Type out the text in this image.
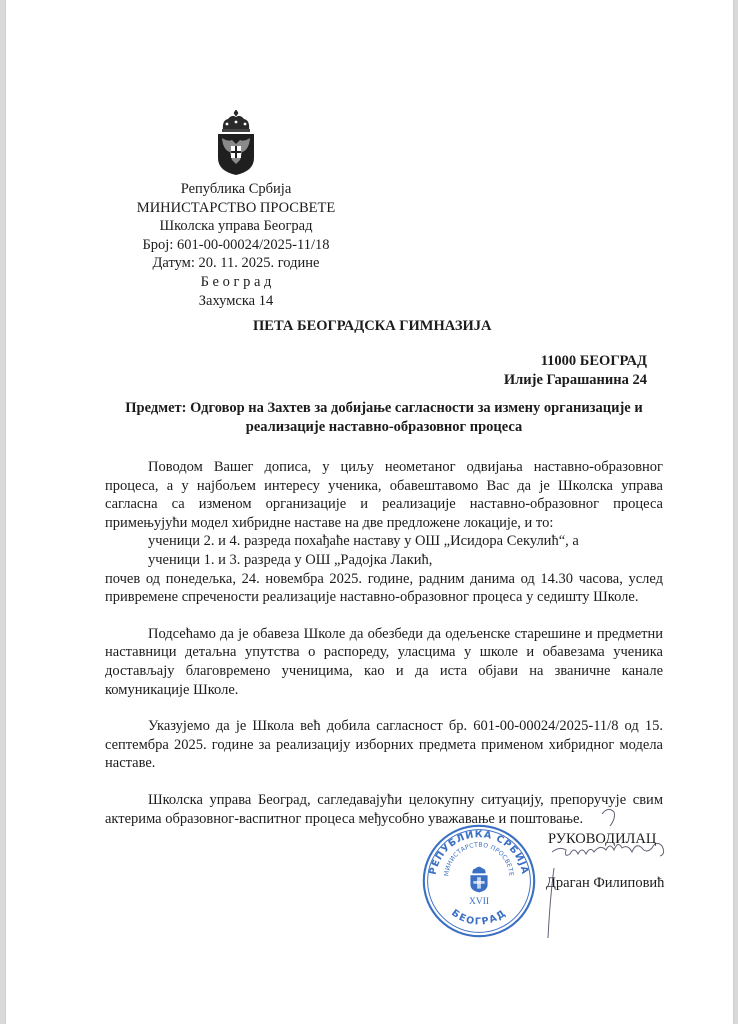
Република Србија
МИНИСТАРСТВО ПРОСВЕТЕ
Школска управа Београд
Број: 601-00-00024/2025-11/18
Датум: 20. 11. 2025. године
Б е о г р а д
Захумска 14
ПЕТА БЕОГРАДСКА ГИМНАЗИЈА
11000 БЕОГРАД
Илије Гарашанина 24
Предмет: Одговор на Захтев за добијање сагласности за измену организације и
реализације наставно-образовног процеса
Поводом Вашег дописа, у циљу неометаног одвијања наставно-образовног процеса, а у најбољем интересу ученика, обавештавомо Вас да је Школска управа сагласна са изменом организације и реализације наставно-образовног процеса примењујући модел хибридне наставе на две предложене локације, и то:
ученици 2. и 4. разреда похађаће наставу у ОШ „Исидора Секулић“, а
ученици 1. и 3. разреда у ОШ „Радојка Лакић,
почев од понедељка, 24. новембра 2025. године, радним данима од 14.30 часова, услед привремене спречености реализације наставно-образовног процеса у седишту Школе.
Подсећамо да је обавеза Школе да обезбеди да одељенске старешине и предметни наставници детаљна упутства о распореду, уласцима у школе и обавезама ученика достављају благовремено ученицима, као и да иста објави на званичне канале комуникације Школе.
Указујемо да је Школа већ добила сагласност бр. 601-00-00024/2025-11/8 од 15. септембра 2025. године за реализацију изборних предмета применом хибридног модела наставе.
Школска управа Београд, сагледавајући целокупну ситуацију, препоручује свим актерима образовног-васпитног процеса међусобно уважавање и поштовање.
РЕПУБЛИКА СРБИЈА
МИНИСТАРСТВО ПРОСВЕТЕ
БЕОГРАД
XVII
РУКОВОДИЛАЦ
Драган Филиповић
